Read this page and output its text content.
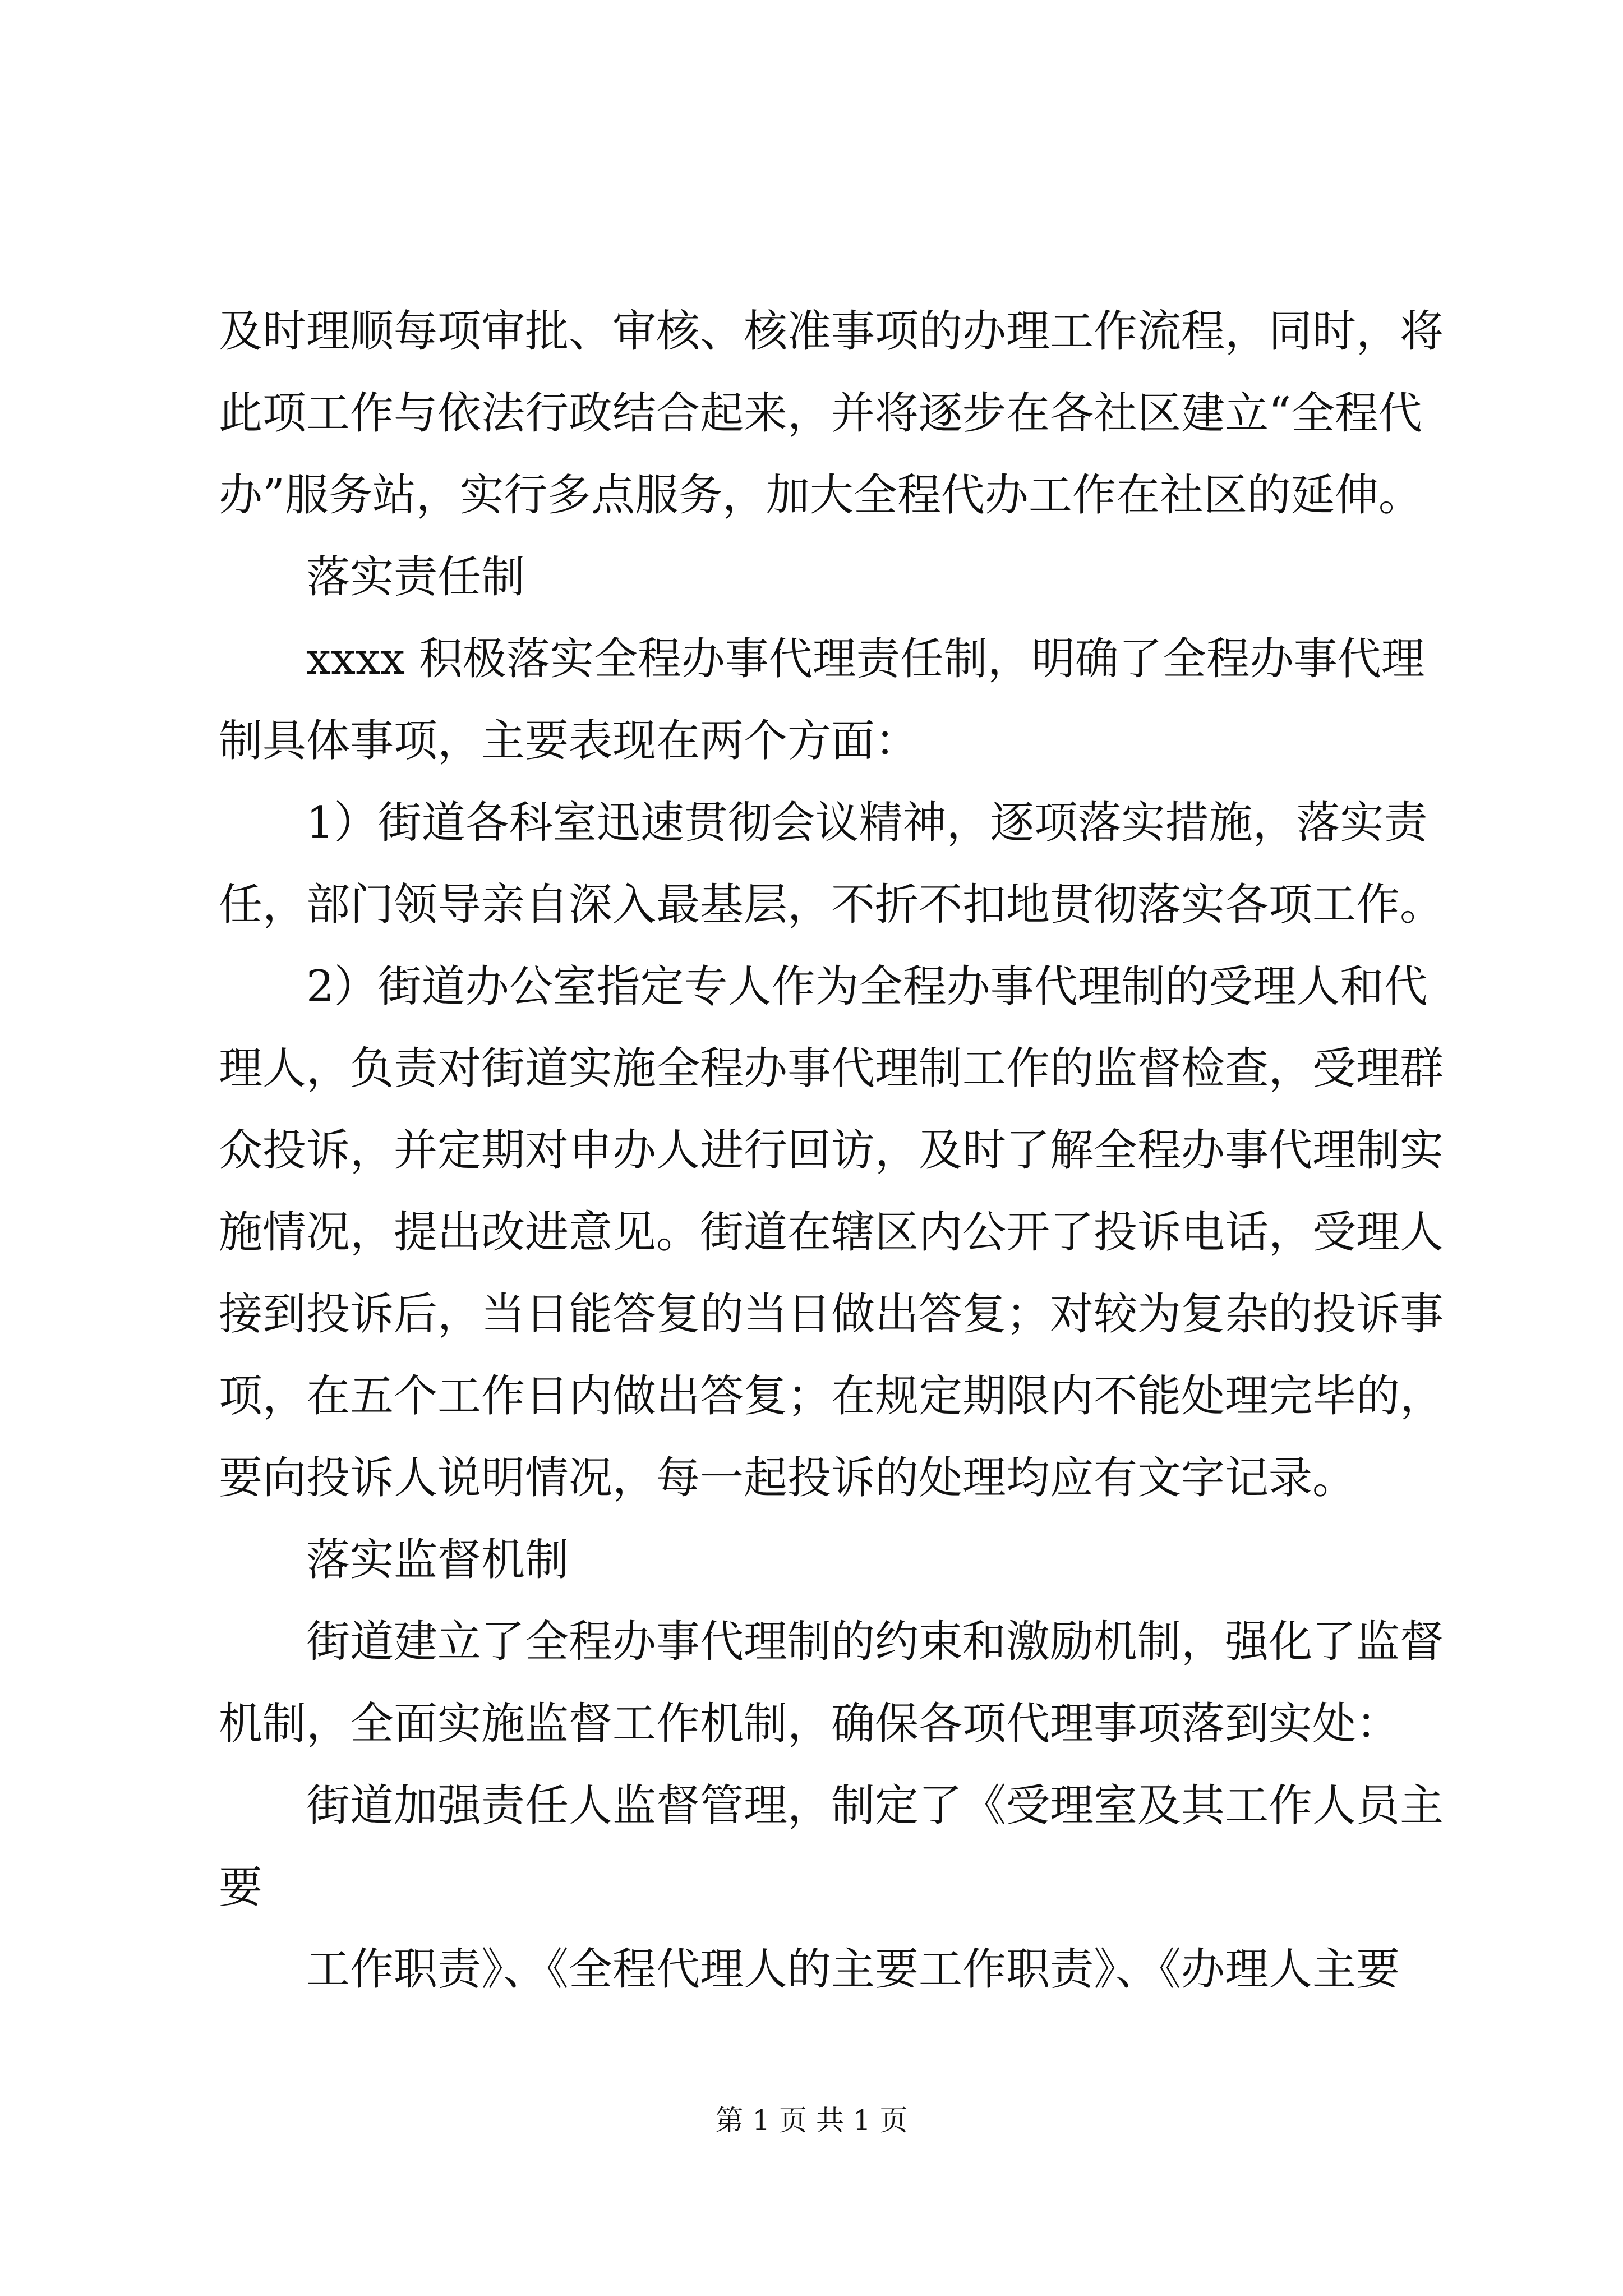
及时理顺每项审批、审核、核准事项的办理工作流程，同时，将
此项工作与依法行政结合起来，并将逐步在各社区建立“全程代
办”服务站，实行多点服务，加大全程代办工作在社区的延伸。
落实责任制
xxxx 积极落实全程办事代理责任制，明确了全程办事代理
制具体事项，主要表现在两个方面：
1）街道各科室迅速贯彻会议精神，逐项落实措施，落实责
任，部门领导亲自深入最基层，不折不扣地贯彻落实各项工作。
2）街道办公室指定专人作为全程办事代理制的受理人和代
理人，负责对街道实施全程办事代理制工作的监督检查，受理群
众投诉，并定期对申办人进行回访，及时了解全程办事代理制实
施情况，提出改进意见。街道在辖区内公开了投诉电话，受理人
接到投诉后，当日能答复的当日做出答复；对较为复杂的投诉事
项，在五个工作日内做出答复；在规定期限内不能处理完毕的，
要向投诉人说明情况，每一起投诉的处理均应有文字记录。
落实监督机制
街道建立了全程办事代理制的约束和激励机制，强化了监督
机制，全面实施监督工作机制，确保各项代理事项落到实处：
街道加强责任人监督管理，制定了《受理室及其工作人员主
要
工作职责》、《全程代理人的主要工作职责》、《办理人主要
第 1 页 共 1 页
